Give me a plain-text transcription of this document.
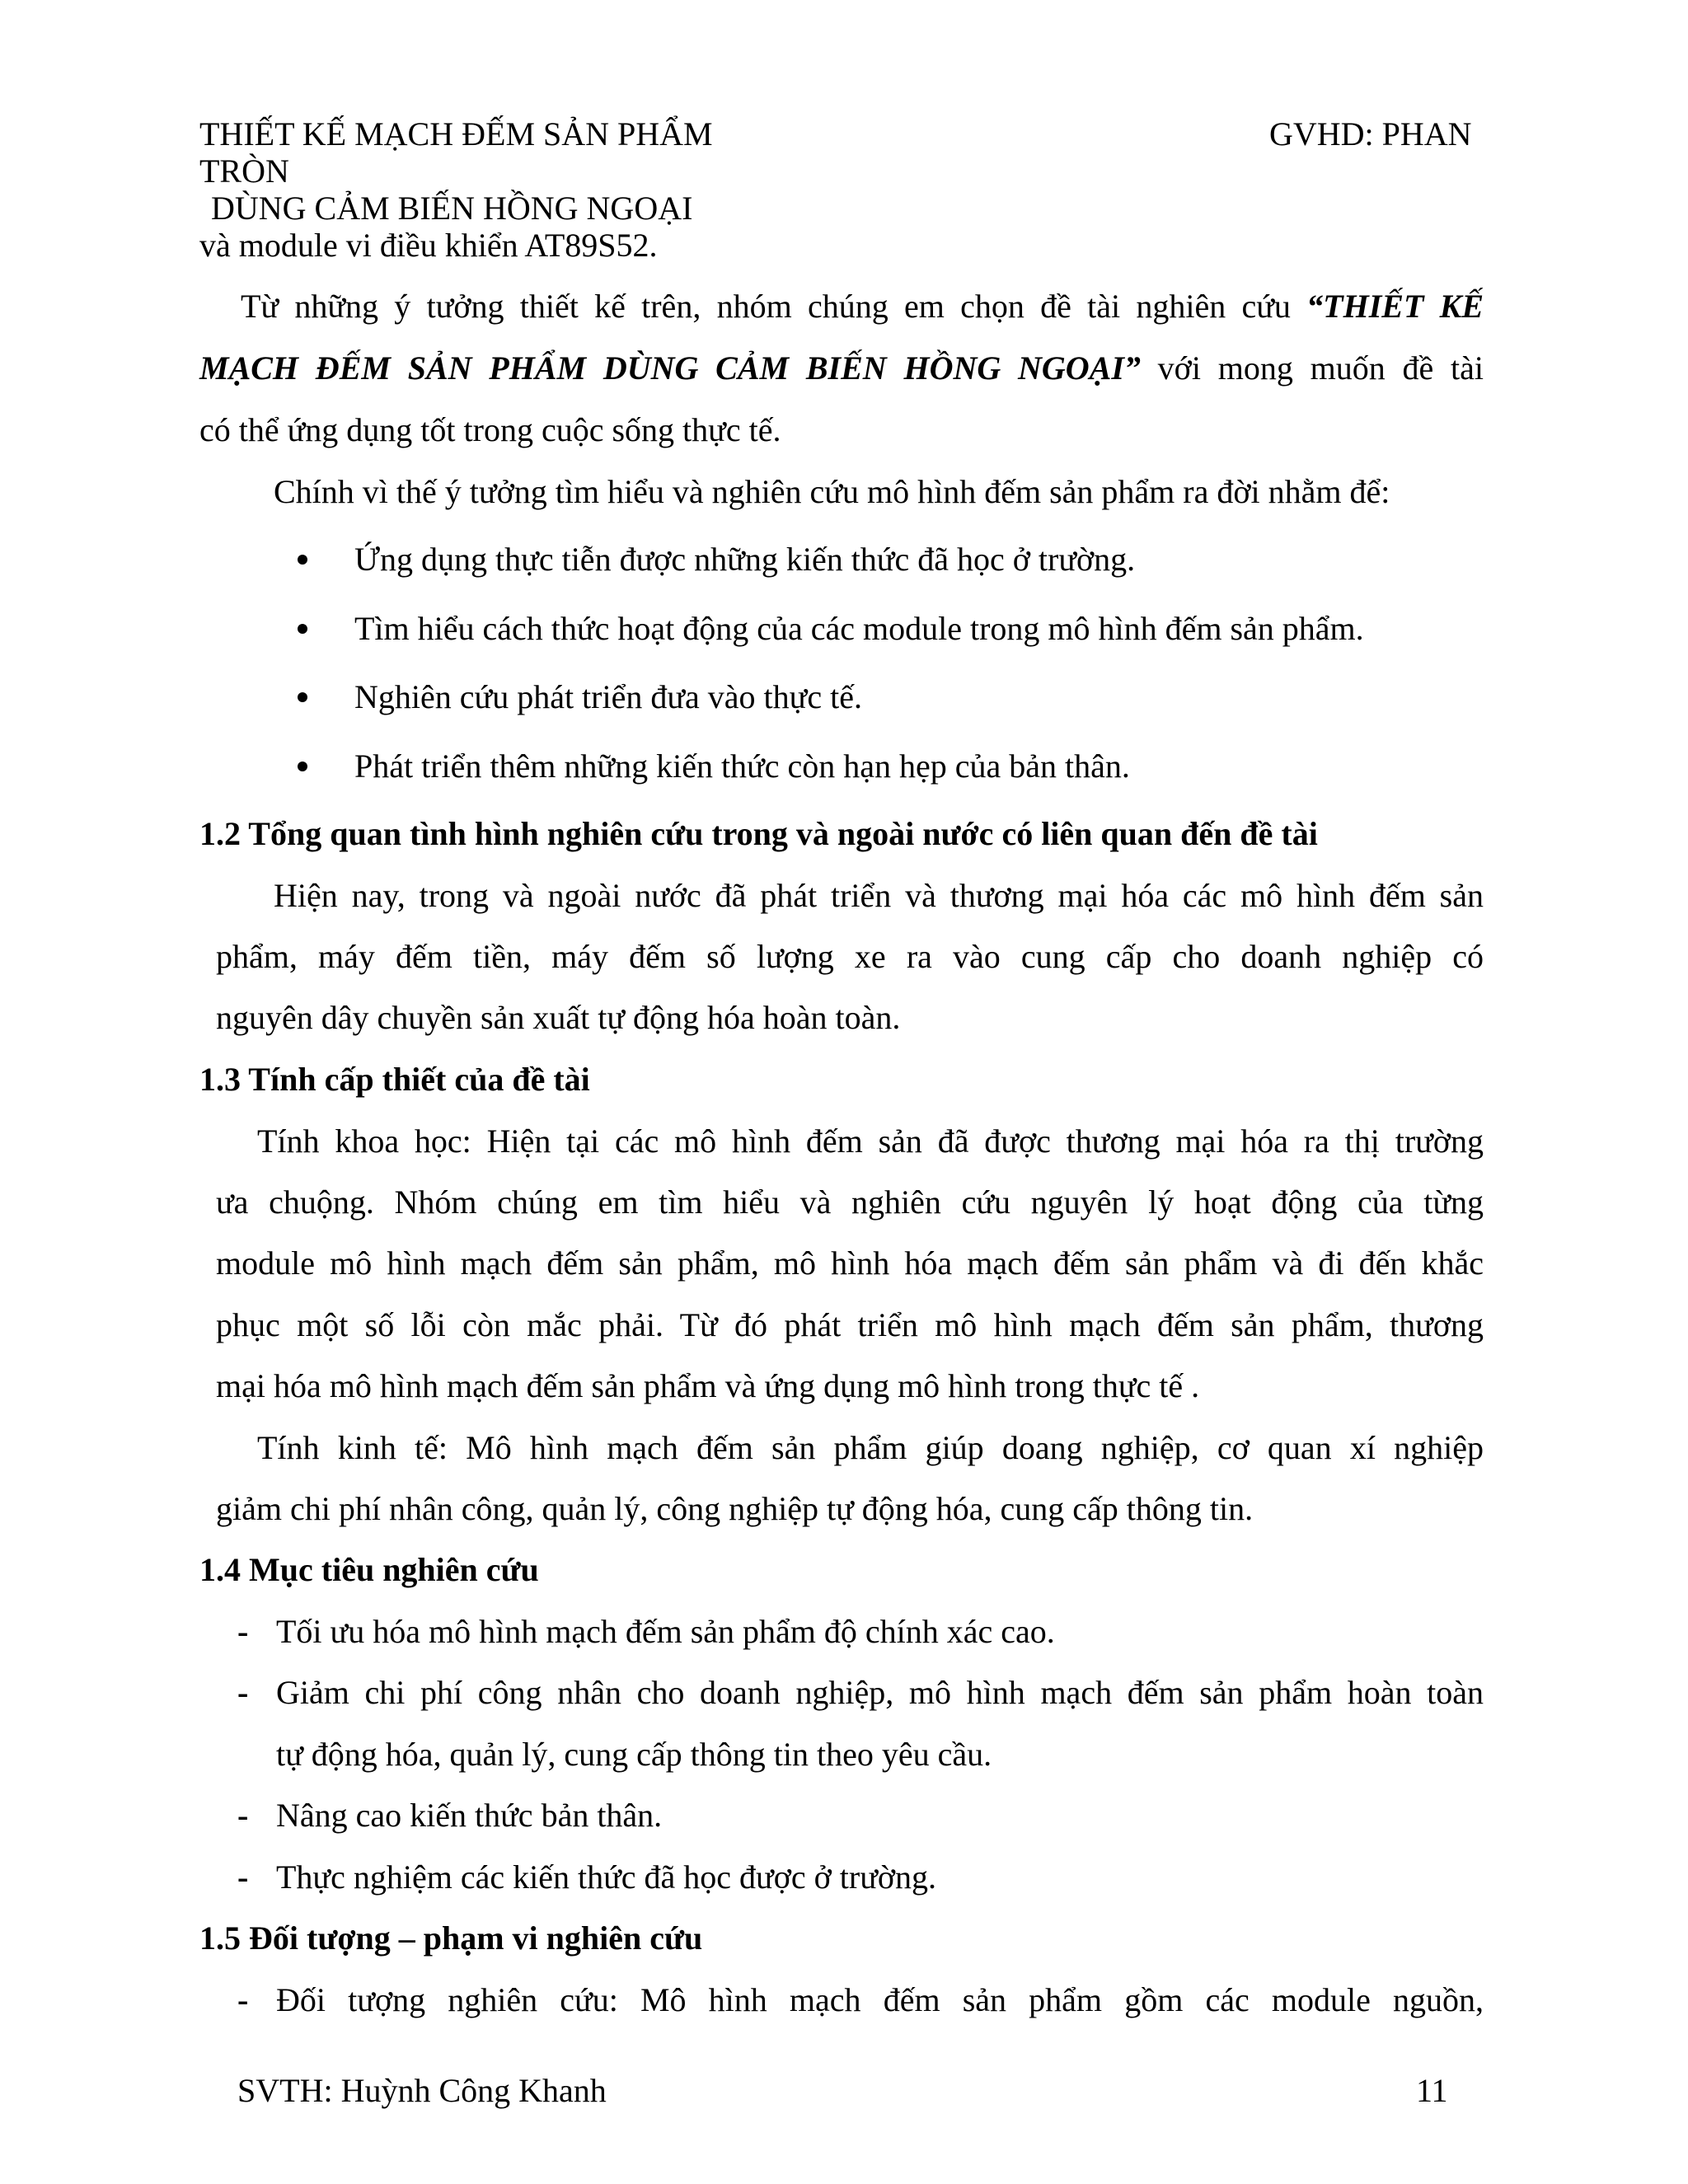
THIẾT KẾ MẠCH ĐẾM SẢN PHẨM	GVHD: PHAN
TRÒN
DÙNG CẢM BIẾN HỒNG NGOẠI
và module vi điều khiển AT89S52.
Từ những ý tưởng thiết kế trên, nhóm chúng em chọn đề tài nghiên cứu “THIẾT KẾ
MẠCH ĐẾM SẢN PHẨM DÙNG CẢM BIẾN HỒNG NGOẠI” với mong muốn đề tài
có thể ứng dụng tốt trong cuộc sống thực tế.
Chính vì thế ý tưởng tìm hiểu và nghiên cứu mô hình đếm sản phẩm ra đời nhằm để:
Ứng dụng thực tiễn được những kiến thức đã học ở trường.
Tìm hiểu cách thức hoạt động của các module trong mô hình đếm sản phẩm.
Nghiên cứu phát triển đưa vào thực tế.
Phát triển thêm những kiến thức còn hạn hẹp của bản thân.
1.2 Tổng quan tình hình nghiên cứu trong và ngoài nước có liên quan đến đề tài
Hiện nay, trong và ngoài nước đã phát triển và thương mại hóa các mô hình đếm sản
phẩm, máy đếm tiền, máy đếm số lượng xe ra vào cung cấp cho doanh nghiệp có
nguyên dây chuyền sản xuất tự động hóa hoàn toàn.
1.3 Tính cấp thiết của đề tài
Tính khoa học: Hiện tại các mô hình đếm sản đã được thương mại hóa ra thị trường
ưa chuộng. Nhóm chúng em tìm hiểu và nghiên cứu nguyên lý hoạt động của từng
module mô hình mạch đếm sản phẩm, mô hình hóa mạch đếm sản phẩm và đi đến khắc
phục một số lỗi còn mắc phải. Từ đó phát triển mô hình mạch đếm sản phẩm, thương
mại hóa mô hình mạch đếm sản phẩm và ứng dụng mô hình trong thực tế .
Tính kinh tế: Mô hình mạch đếm sản phẩm giúp doang nghiệp, cơ quan xí nghiệp
giảm chi phí nhân công, quản lý, công nghiệp tự động hóa, cung cấp thông tin.
1.4 Mục tiêu nghiên cứu
- Tối ưu hóa mô hình mạch đếm sản phẩm độ chính xác cao.
- Giảm chi phí công nhân cho doanh nghiệp, mô hình mạch đếm sản phẩm hoàn toàn
tự động hóa, quản lý, cung cấp thông tin theo yêu cầu.
- Nâng cao kiến thức bản thân.
- Thực nghiệm các kiến thức đã học được ở trường.
1.5 Đối tượng – phạm vi nghiên cứu
- Đối tượng nghiên cứu: Mô hình mạch đếm sản phẩm gồm các module nguồn,
SVTH: Huỳnh Công Khanh	11
